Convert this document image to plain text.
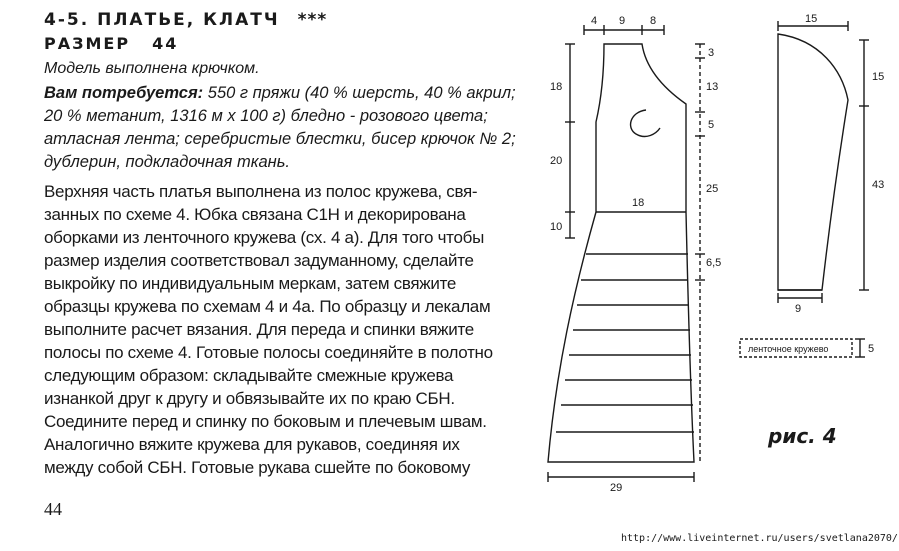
4-5. ПЛАТЬЕ, КЛАТЧ ***
РАЗМЕР 44
Модель выполнена крючком.
Вам потребуется: 550 г пряжи (40 % шерсть, 40 % акрил; 20 % метанит, 1316 м х 100 г) бледно - розового цвета; атласная лента; серебристые блестки, бисер крючок № 2; дублерин, подкладочная ткань.
Верхняя часть платья выполнена из полос кружева, свя-
занных по схеме 4. Юбка связана С1Н и декорирована
оборками из ленточного кружева (сх. 4 а). Для того чтобы
размер изделия соответствовал задуманному, сделайте
выкройку по индивидуальным меркам, затем свяжите
образцы кружева по схемам 4 и 4а. По образцу и лекалам
выполните расчет вязания. Для переда и спинки вяжите
полосы по схеме 4. Готовые полосы соединяйте в полотно
следующим образом: складывайте смежные кружева
изнанкой друг к другу и обвязывайте их по краю СБН.
Соедините перед и спинку по боковым и плечевым швам.
Аналогично вяжите кружева для рукавов, соединяя их
между собой СБН. Готовые рукава сшейте по боковому
44
4 9 8
18
20
10
3
13
5
25
6,5
18
29
15
15
43
9
ленточное кружево	5
рис. 4
http://www.liveinternet.ru/users/svetlana2070/
